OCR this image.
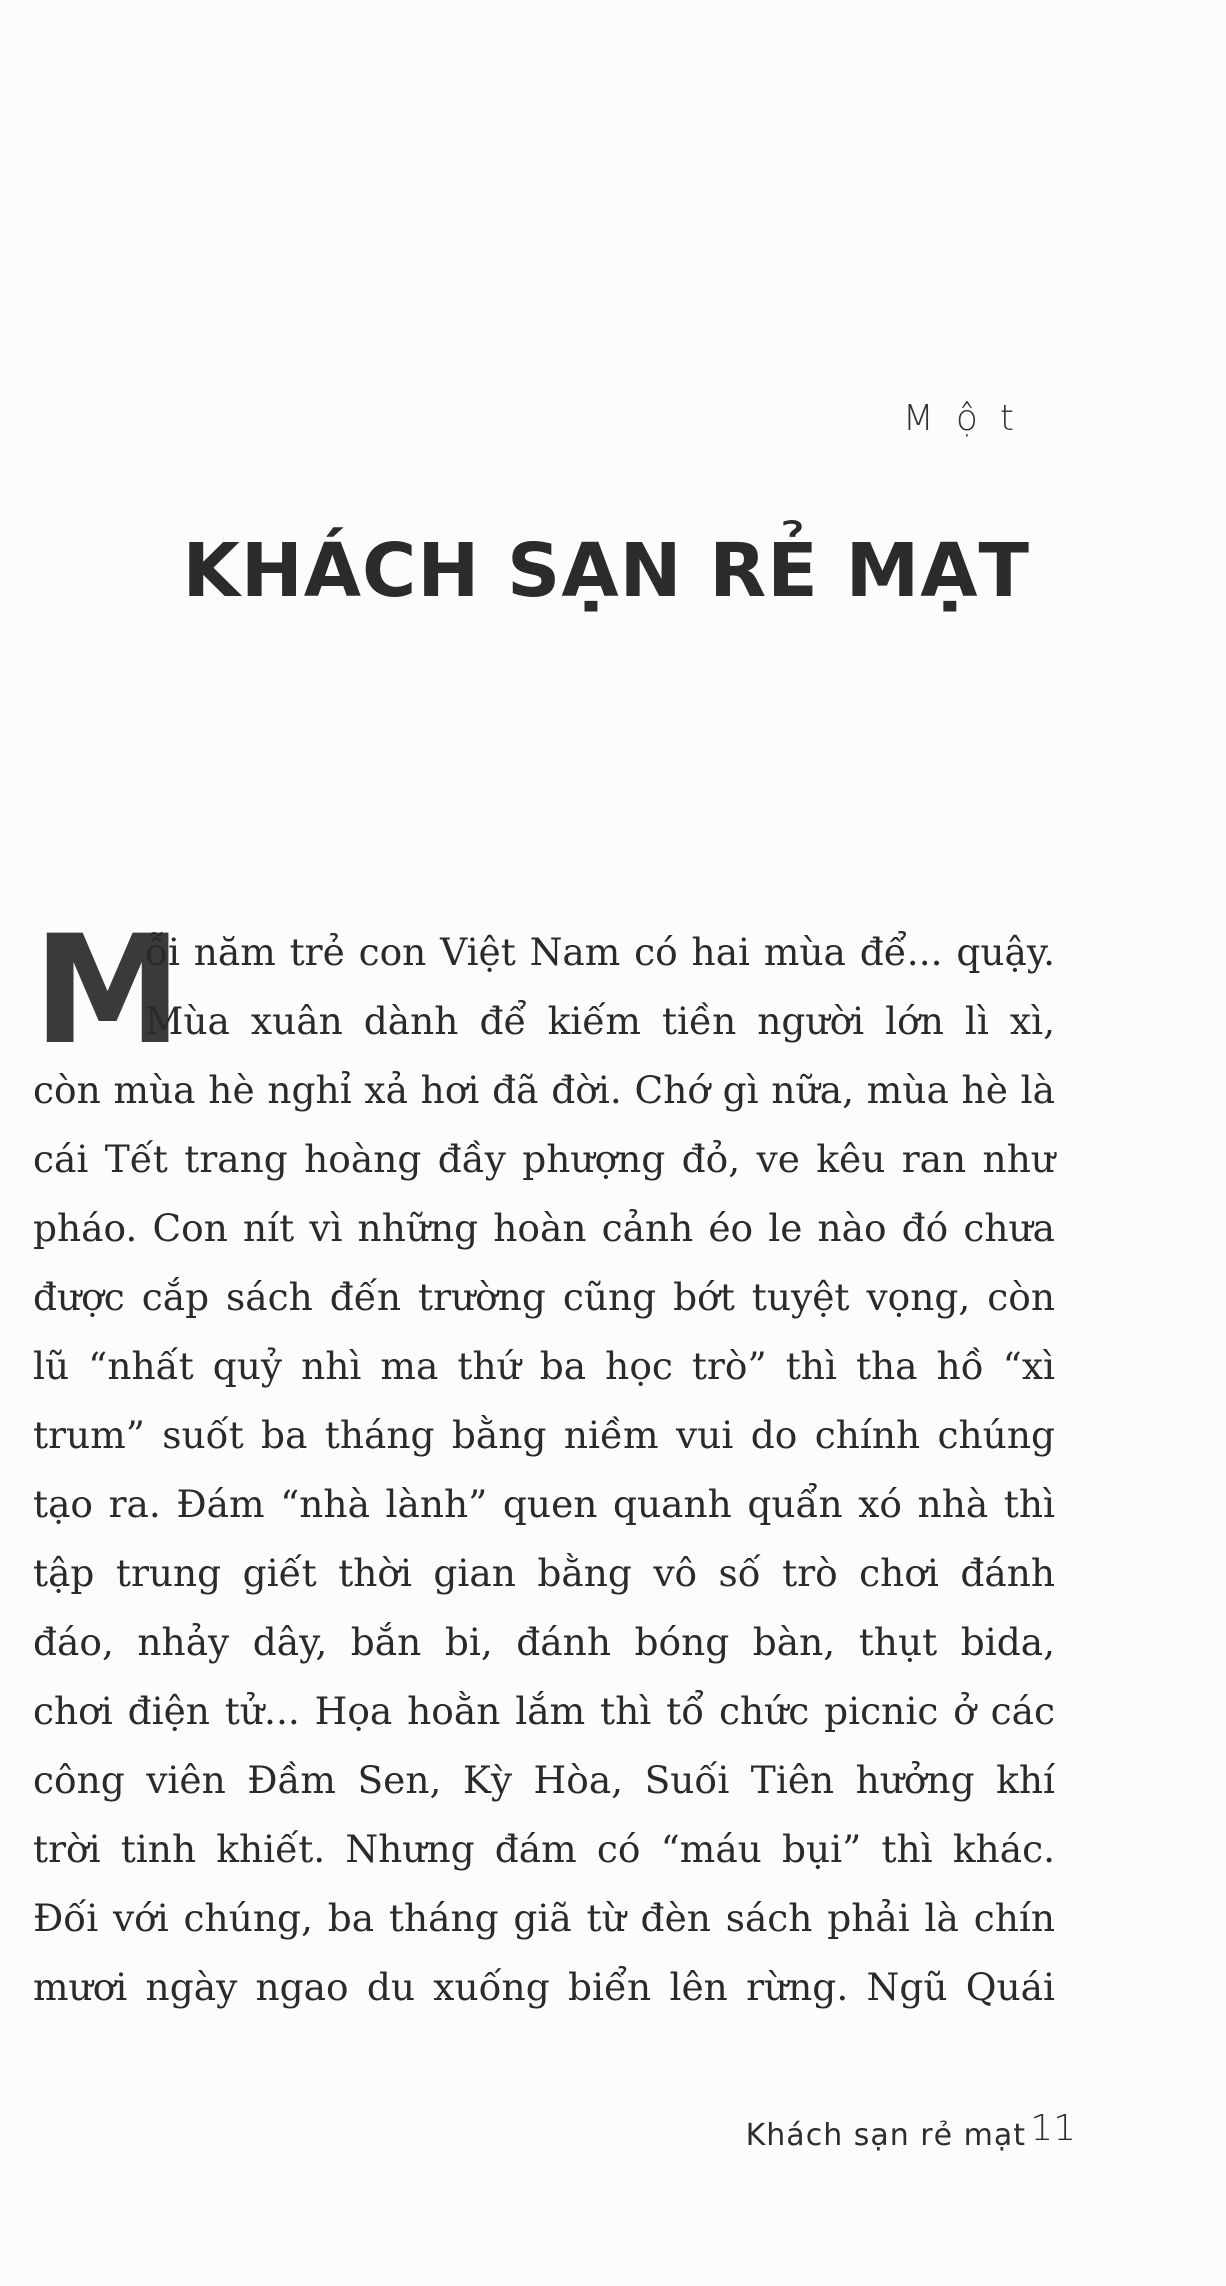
Một
KHÁCH SẠN RẺ MẠT
M
ỗi năm trẻ con Việt Nam có hai mùa để... quậy.
Mùa xuân dành để kiếm tiền người lớn lì xì,
còn mùa hè nghỉ xả hơi đã đời. Chớ gì nữa, mùa hè là
cái Tết trang hoàng đầy phượng đỏ, ve kêu ran như
pháo. Con nít vì những hoàn cảnh éo le nào đó chưa
được cắp sách đến trường cũng bớt tuyệt vọng, còn
lũ “nhất quỷ nhì ma thứ ba học trò” thì tha hồ “xì
trum” suốt ba tháng bằng niềm vui do chính chúng
tạo ra. Đám “nhà lành” quen quanh quẩn xó nhà thì
tập trung giết thời gian bằng vô số trò chơi đánh
đáo, nhảy dây, bắn bi, đánh bóng bàn, thụt bida,
chơi điện tử... Họa hoằn lắm thì tổ chức picnic ở các
công viên Đầm Sen, Kỳ Hòa, Suối Tiên hưởng khí
trời tinh khiết. Nhưng đám có “máu bụi” thì khác.
Đối với chúng, ba tháng giã từ đèn sách phải là chín
mươi ngày ngao du xuống biển lên rừng. Ngũ Quái
Khách sạn rẻ mạt 11
